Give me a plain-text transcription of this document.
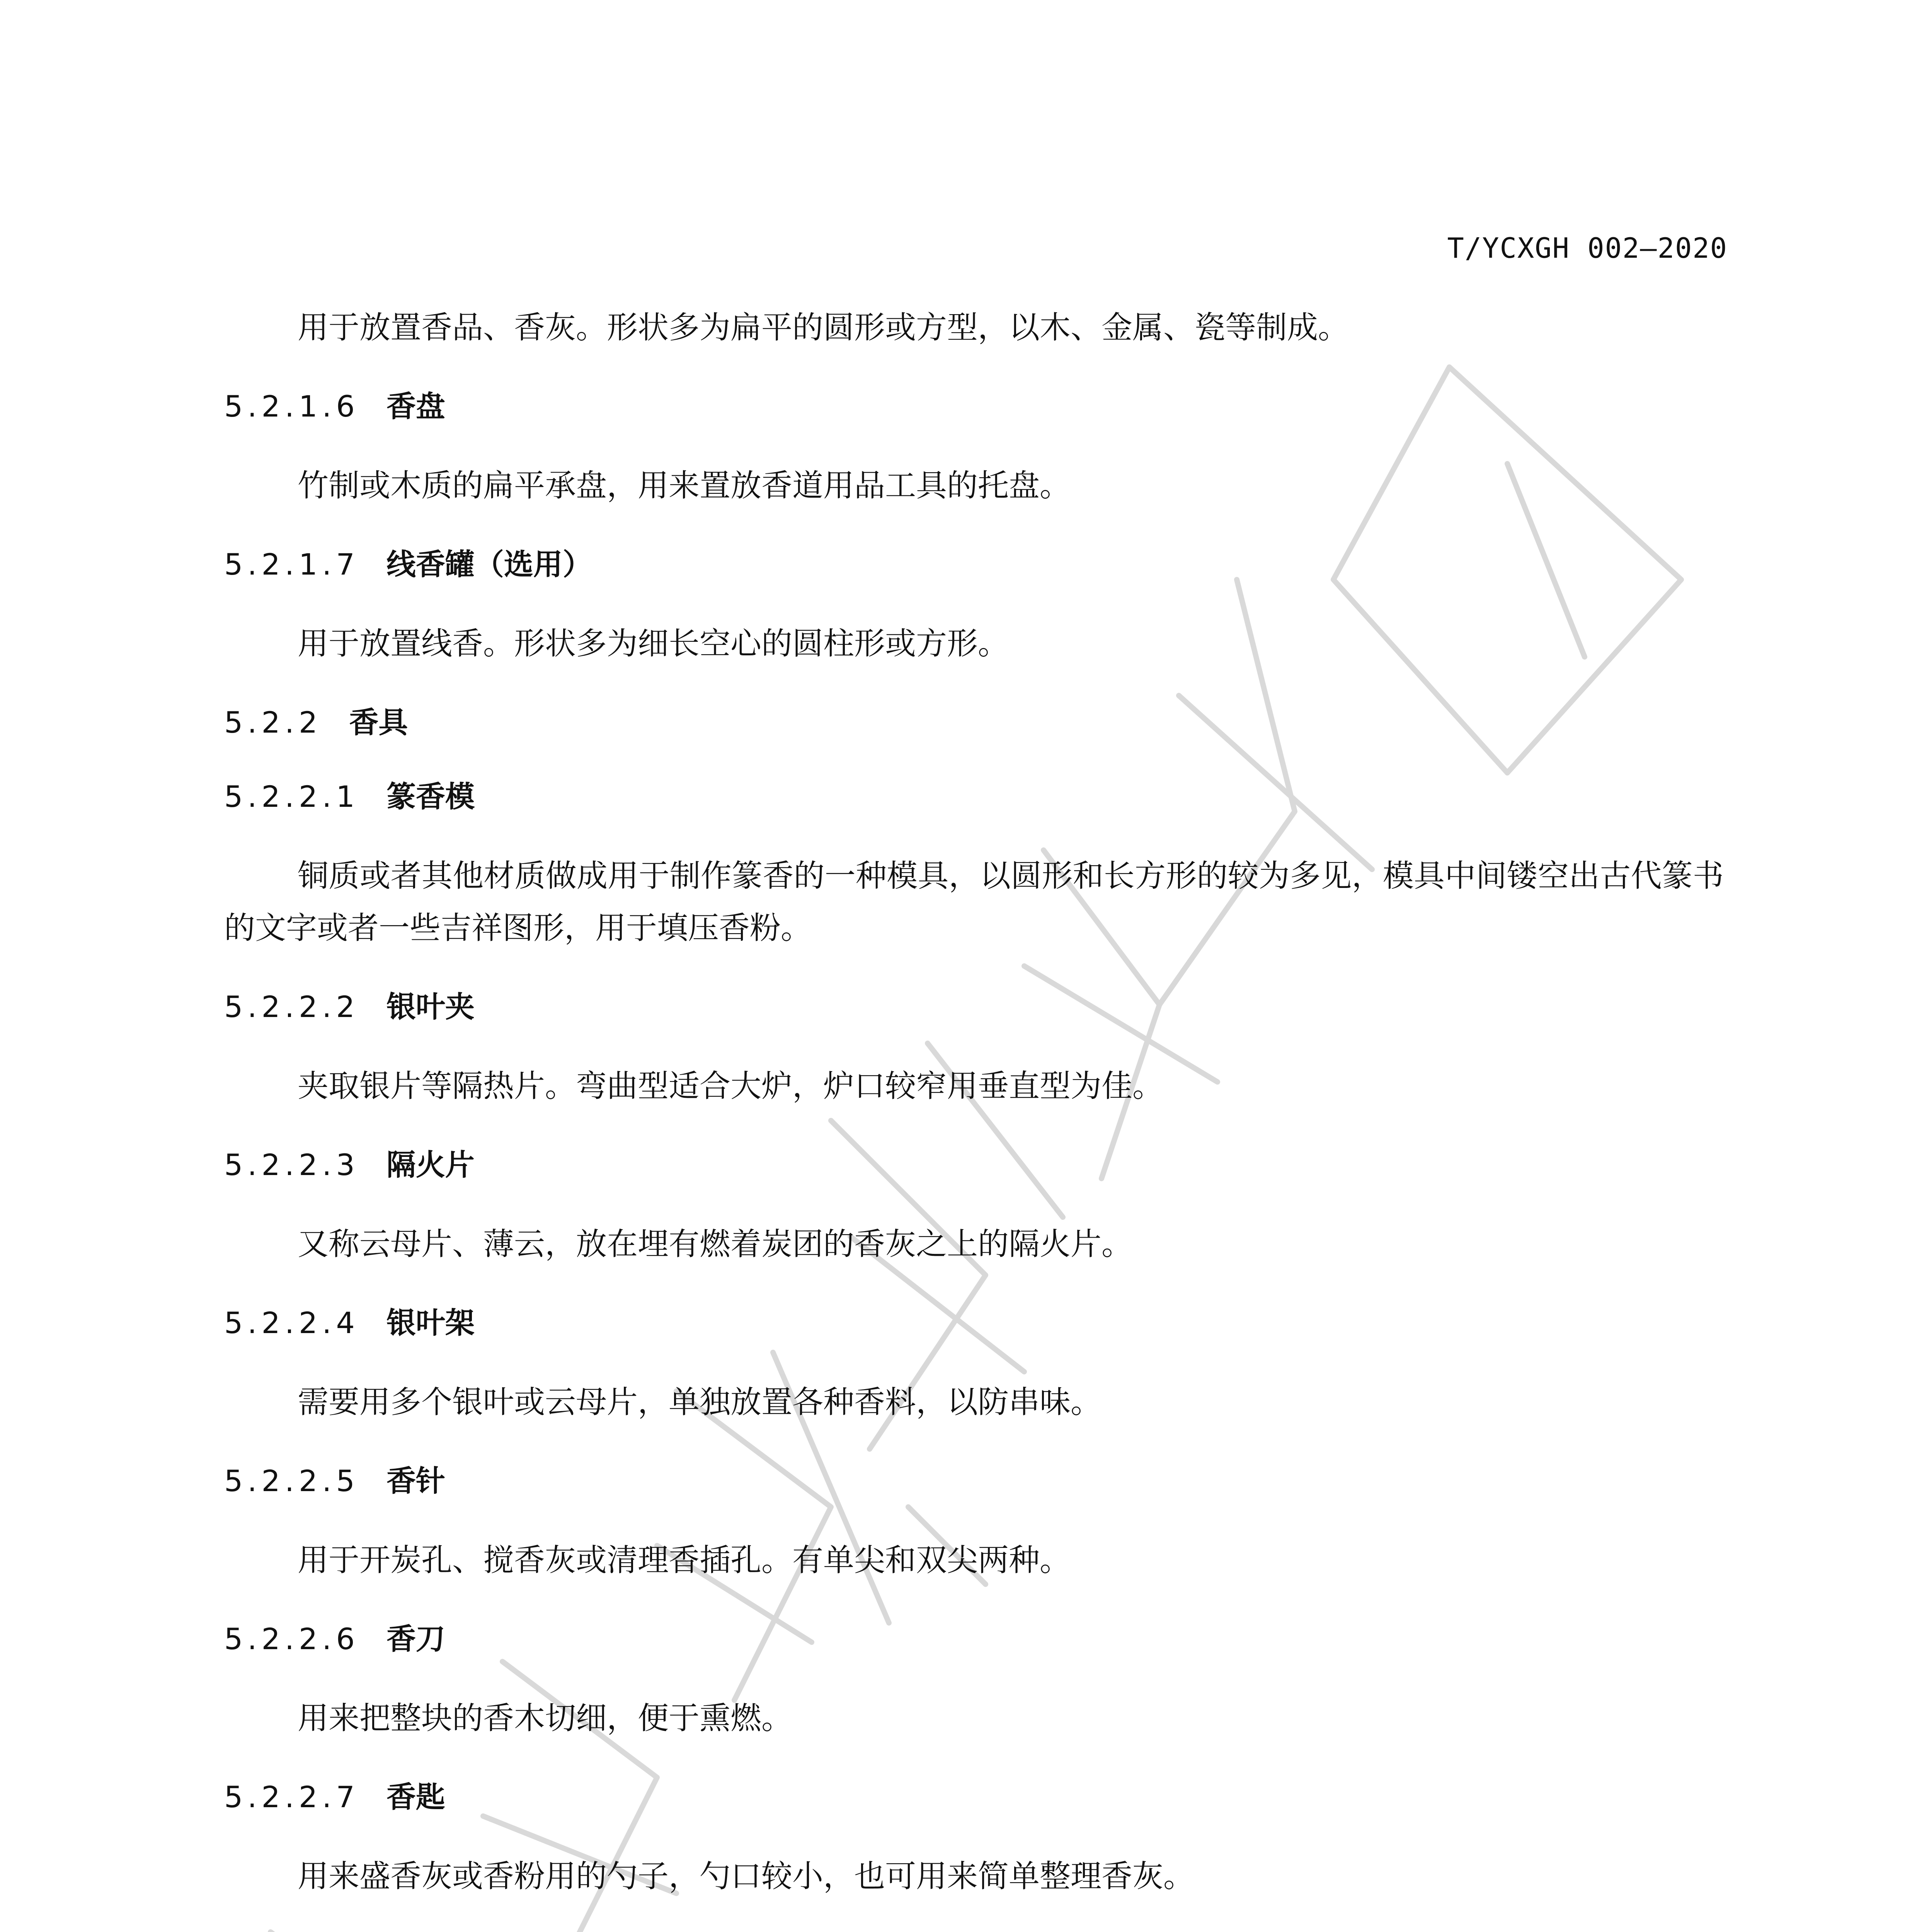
T/YCXGH 002—2020

用于放置香品、香灰。形状多为扁平的圆形或方型，以木、金属、瓷等制成。

5.2.1.6 香盘

竹制或木质的扁平承盘，用来置放香道用品工具的托盘。

5.2.1.7 线香罐（选用）

用于放置线香。形状多为细长空心的圆柱形或方形。

5.2.2 香具
5.2.2.1 篆香模

铜质或者其他材质做成用于制作篆香的一种模具，以圆形和长方形的较为多见，模具中间镂空出古代篆书的文字或者一些吉祥图形，用于填压香粉。

5.2.2.2 银叶夹

夹取银片等隔热片。弯曲型适合大炉，炉口较窄用垂直型为佳。

5.2.2.3 隔火片

又称云母片、薄云，放在埋有燃着炭团的香灰之上的隔火片。

5.2.2.4 银叶架

需要用多个银叶或云母片，单独放置各种香料，以防串味。

5.2.2.5 香针

用于开炭孔、搅香灰或清理香插孔。有单尖和双尖两种。

5.2.2.6 香刀

用来把整块的香木切细，便于熏燃。

5.2.2.7 香匙

用来盛香灰或香粉用的勺子，勺口较小，也可用来简单整理香灰。
